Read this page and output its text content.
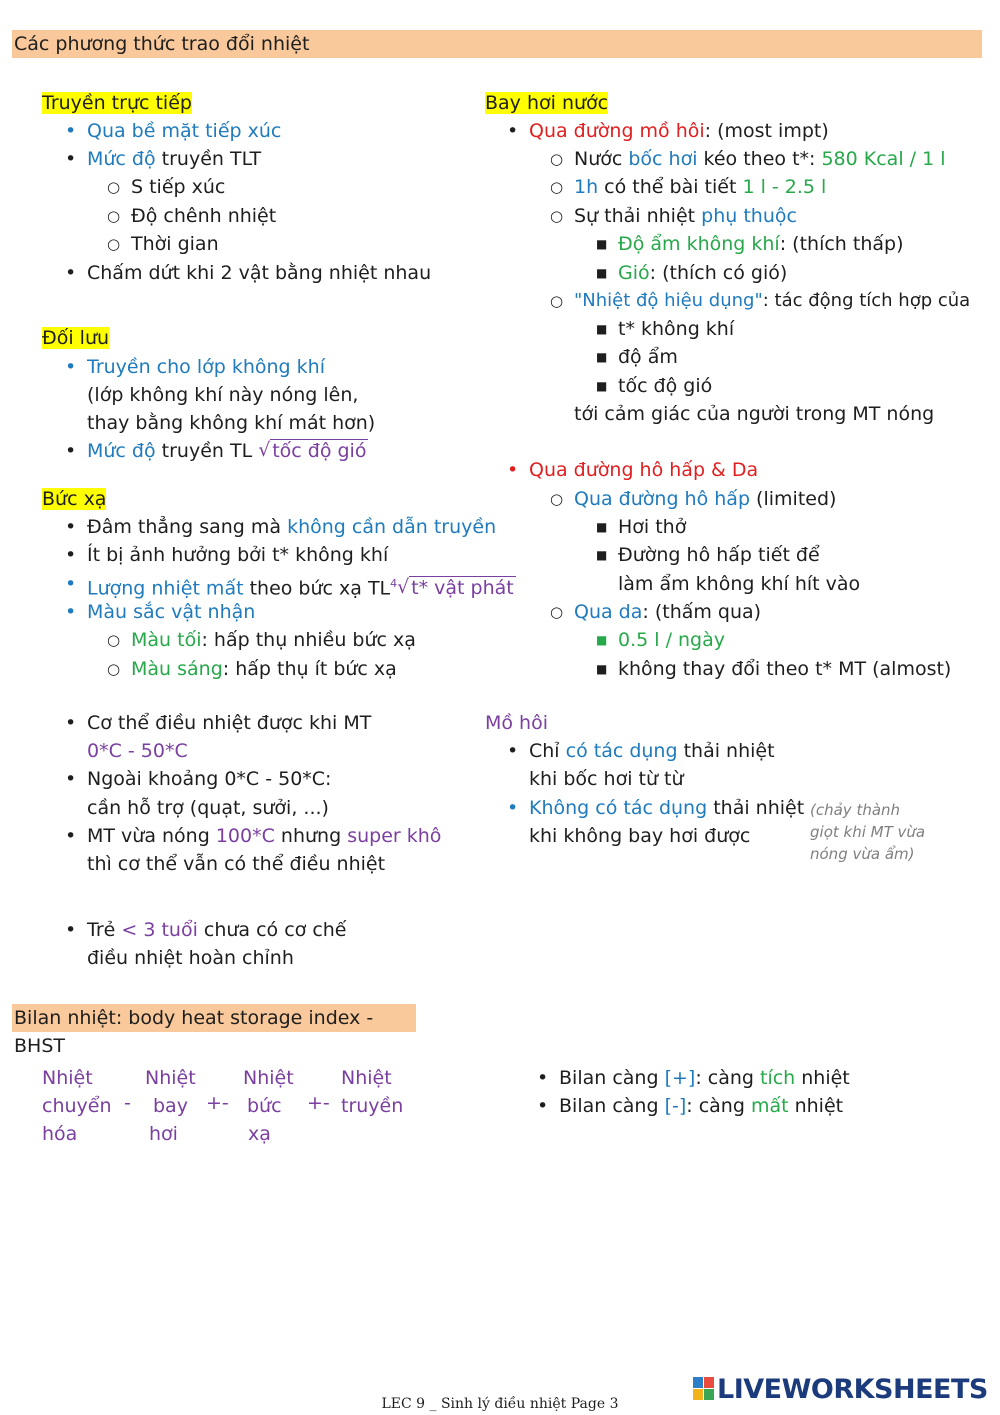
Các phương thức trao đổi nhiệt
Truyền trực tiếp
• Qua bề mặt tiếp xúc
• Mức độ truyền TLT
○ S tiếp xúc
○ Độ chênh nhiệt
○ Thời gian
• Chấm dứt khi 2 vật bằng nhiệt nhau
Đối lưu
• Truyền cho lớp không khí
(lớp không khí này nóng lên,
thay bằng không khí mát hơn)
• Mức độ truyền TL √ tốc độ gió
Bức xạ
• Đâm thẳng sang mà không cần dẫn truyền
• Ít bị ảnh hưởng bởi t* không khí
• Lượng nhiệt mất theo bức xạ $TL^4√$ t* vật phát
• Màu sắc vật nhận
○ Màu tối: hấp thụ nhiều bức xạ
○ Màu sáng: hấp thụ ít bức xạ
• Cơ thể điều nhiệt được khi MT
0*C - 50*C
• Ngoài khoảng 0*C - 50*C:
cần hỗ trợ (quạt, sưởi, ...)
• MT vừa nóng 100*C nhưng super khô
thì cơ thể vẫn có thể điều nhiệt
• Trẻ < 3 tuổi chưa có cơ chế
điều nhiệt hoàn chỉnh
Bay hơi nước
• Qua đường mồ hôi: (most impt)
○ Nước bốc hơi kéo theo t*: 580 Kcal / 1 l
○ 1h có thể bài tiết 1 l - 2.5 l
○ Sự thải nhiệt phụ thuộc
■ Độ ẩm không khí: (thích thấp)
■ Gió: (thích có gió)
○ "Nhiệt độ hiệu dụng": tác động tích hợp của
■ t* không khí
■ độ ẩm
■ tốc độ gió
tới cảm giác của người trong MT nóng
• Qua đường hô hấp & Da
○ Qua đường hô hấp (limited)
■ Hơi thở
■ Đường hô hấp tiết để
làm ẩm không khí hít vào
○ Qua da: (thấm qua)
■ 0.5 l / ngày
■ không thay đổi theo t* MT (almost)
Mồ hôi
• Chỉ có tác dụng thải nhiệt
khi bốc hơi từ từ
• Không có tác dụng thải nhiệt
khi không bay hơi được
(chảy thành
giọt khi MT vừa
nóng vừa ẩm)
Bilan nhiệt: body heat storage index - BHST
Nhiệt
chuyển
hóa
-
Nhiệt
bay
hơi
+-
Nhiệt
bức
xạ
+-
Nhiệt
truyền
• Bilan càng [+]: càng tích nhiệt
• Bilan càng [-]: càng mất nhiệt
LIVEWORKSHEETS
LEC 9 _ Sinh lý điều nhiệt Page 3
